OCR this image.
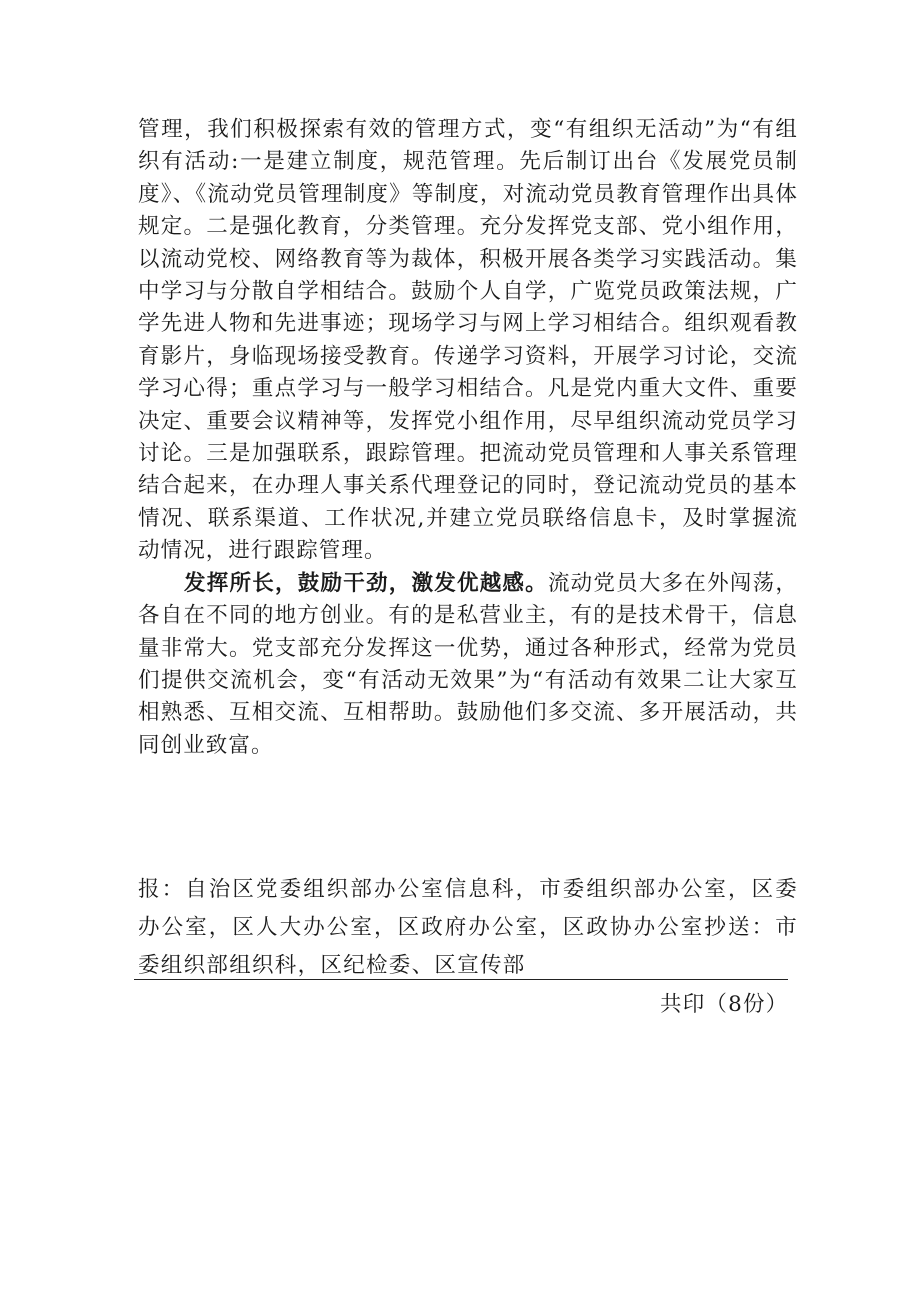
管理，我们积极探索有效的管理方式，变“有组织无活动”为“有组织有活动:一是建立制度，规范管理。先后制订出台《发展党员制度》、《流动党员管理制度》等制度，对流动党员教育管理作出具体规定。二是强化教育，分类管理。充分发挥党支部、党小组作用，以流动党校、网络教育等为裁体，积极开展各类学习实践活动。集中学习与分散自学相结合。鼓励个人自学，广览党员政策法规，广学先进人物和先进事迹；现场学习与网上学习相结合。组织观看教育影片，身临现场接受教育。传递学习资料，开展学习讨论，交流学习心得；重点学习与一般学习相结合。凡是党内重大文件、重要决定、重要会议精神等，发挥党小组作用，尽早组织流动党员学习讨论。三是加强联系，跟踪管理。把流动党员管理和人事关系管理结合起来，在办理人事关系代理登记的同时，登记流动党员的基本情况、联系渠道、工作状况,并建立党员联络信息卡，及时掌握流动情况，进行跟踪管理。

发挥所长，鼓励干劲，激发优越感。流动党员大多在外闯荡，各自在不同的地方创业。有的是私营业主，有的是技术骨干，信息量非常大。党支部充分发挥这一优势，通过各种形式，经常为党员们提供交流机会，变“有活动无效果”为“有活动有效果二让大家互相熟悉、互相交流、互相帮助。鼓励他们多交流、多开展活动，共同创业致富。

报：自治区党委组织部办公室信息科，市委组织部办公室，区委办公室，区人大办公室，区政府办公室，区政协办公室抄送：市委组织部组织科，区纪检委、区宣传部
共印（8份）
